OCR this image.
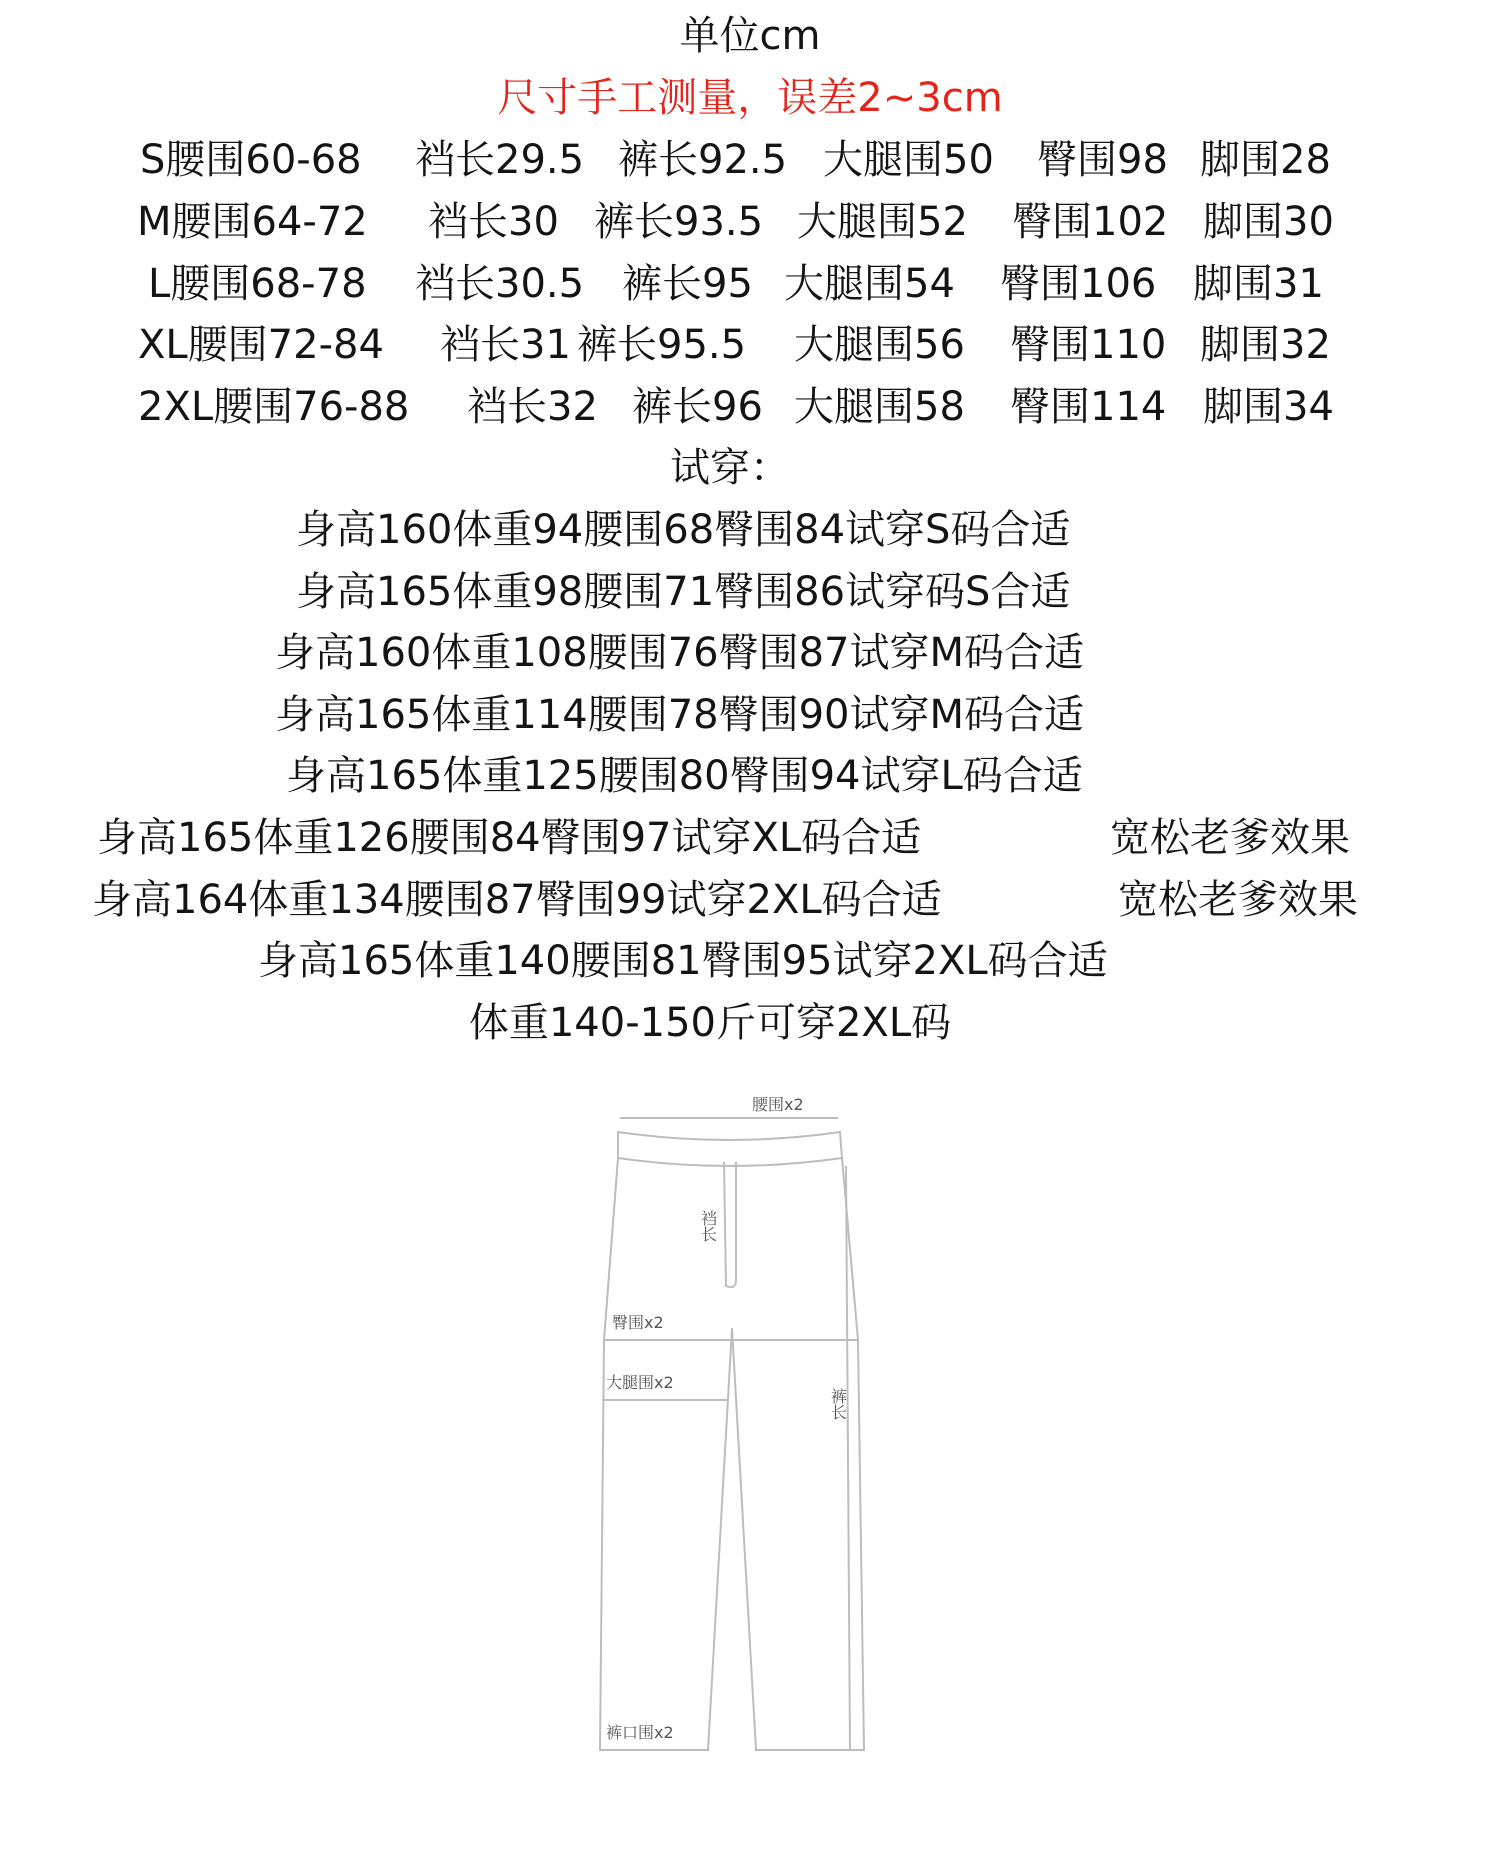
单位cm
尺寸手工测量，误差2~3cm

S腰围60-68

裆长29.5

裤长92.5

大腿围50

臀围98

脚围28

M腰围64-72

裆长30

裤长93.5

大腿围52

臀围102

脚围30

L腰围68-78

裆长30.5

裤长95

大腿围54

臀围106

脚围31

XL腰围72-84

裆长31

裤长95.5

大腿围56

臀围110

脚围32

2XL腰围76-88

裆长32

裤长96

大腿围58

臀围114

脚围34

试穿：

身高160体重94腰围68臀围84试穿S码合适

身高165体重98腰围71臀围86试穿码S合适

身高160体重108腰围76臀围87试穿M码合适

身高165体重114腰围78臀围90试穿M码合适

身高165体重125腰围80臀围94试穿L码合适

身高165体重126腰围84臀围97试穿XL码合适

	宽松老爹效果

身高164体重134腰围87臀围99试穿2XL码合适

	宽松老爹效果

身高165体重140腰围81臀围95试穿2XL码合适

体重140-150斤可穿2XL码
腰围x2
裆长
臀围x2
大腿围x2
裤长
裤口围x2
